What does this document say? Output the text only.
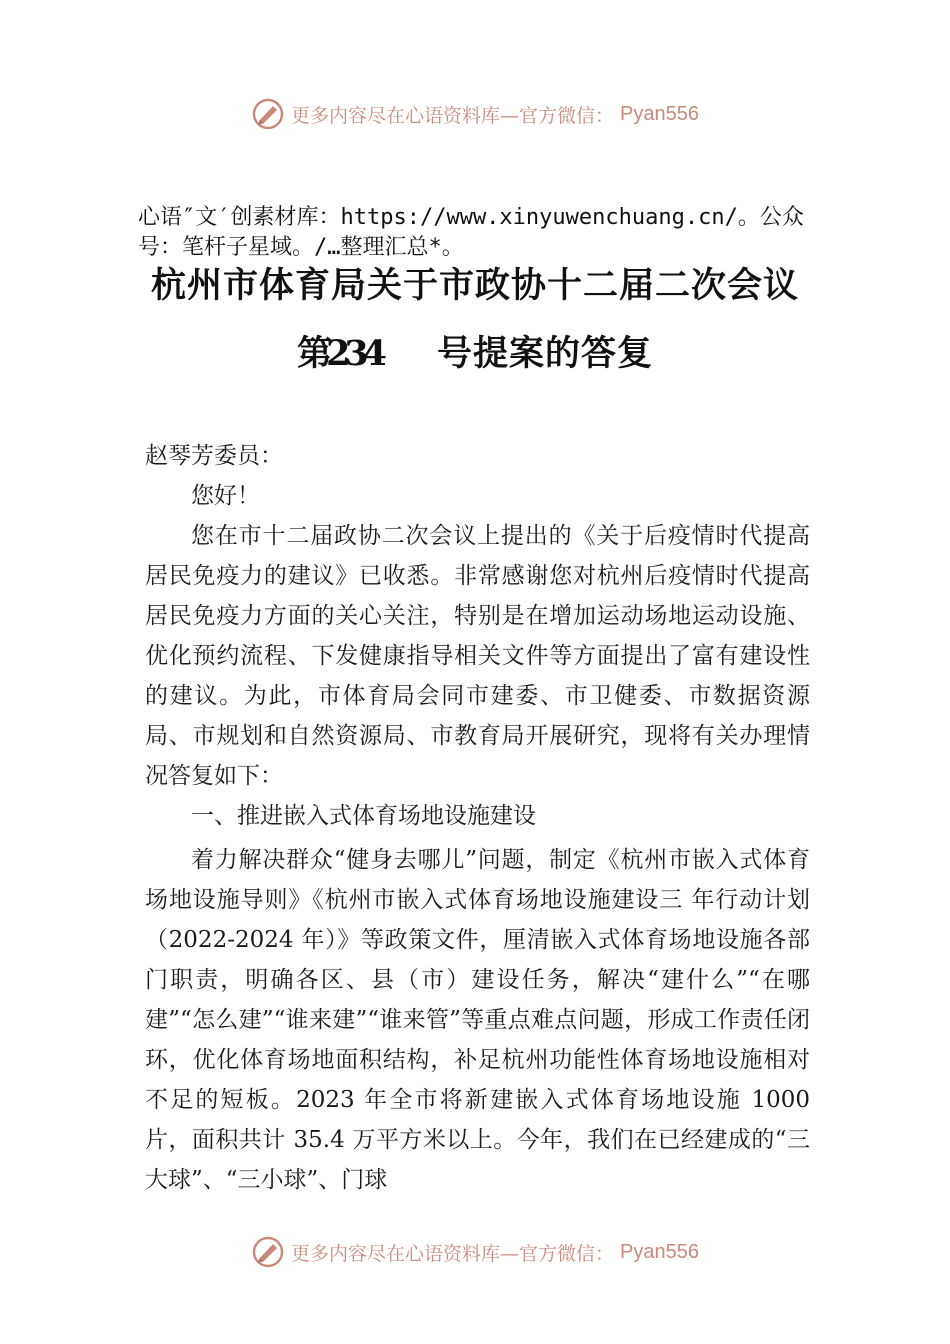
更多内容尽在心语资料库—官方微信： Pyan556
心语″文′创素材库：https://www.xinyuwenchuang.cn/。公众号：笔杆子星域。/…整理汇总*。
杭州市体育局关于市政协十二届二次会议
第234 号提案的答复

赵琴芳委员：

您好！

您在市十二届政协二次会议上提出的《关于后疫情时代提高居民免疫力的建议》已收悉。非常感谢您对杭州后疫情时代提高居民免疫力方面的关心关注，特别是在增加运动场地运动设施、优化预约流程、下发健康指导相关文件等方面提出了富有建设性的建议。为此，市体育局会同市建委、市卫健委、市数据资源局、市规划和自然资源局、市教育局开展研究，现将有关办理情况答复如下：

一、推进嵌入式体育场地设施建设

着力解决群众“健身去哪儿”问题，制定《杭州市嵌入式体育场地设施导则》《杭州市嵌入式体育场地设施建设三 年行动计划（2022-2024 年）》等政策文件，厘清嵌入式体育场地设施各部门职责，明确各区、县（市）建设任务，解决“建什么”“在哪建”“怎么建”“谁来建”“谁来管”等重点难点问题，形成工作责任闭环，优化体育场地面积结构，补足杭州功能性体育场地设施相对不足的短板。2023 年全市将新建嵌入式体育场地设施 1000 片，面积共计 35.4 万平方米以上。今年，我们在已经建成的“三大球”、“三小球”、门球

更多内容尽在心语资料库—官方微信： Pyan556
